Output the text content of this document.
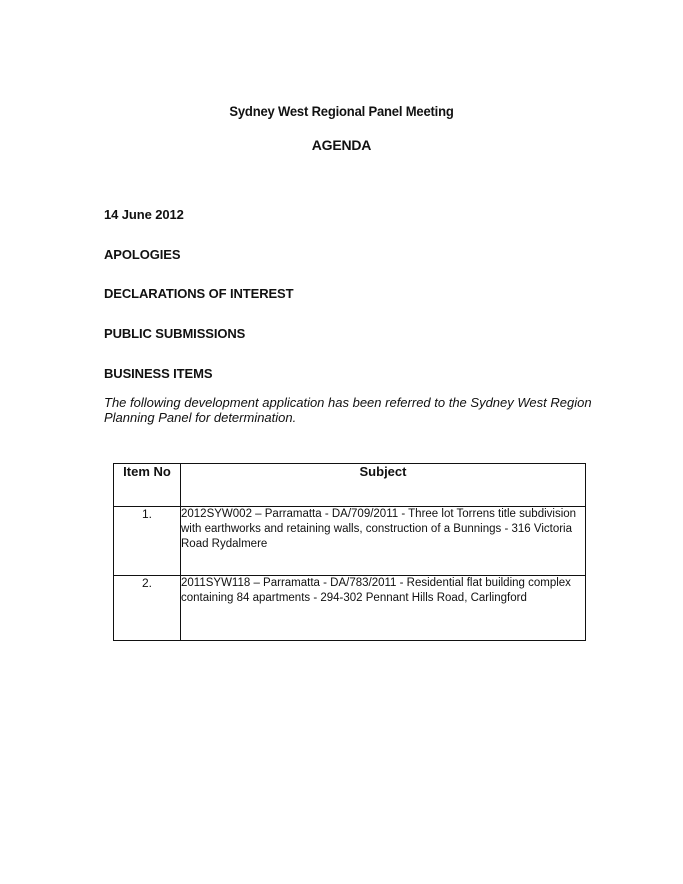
Sydney West Regional Panel Meeting
AGENDA
14 June 2012
APOLOGIES
DECLARATIONS OF INTEREST
PUBLIC SUBMISSIONS
BUSINESS ITEMS
The following development application has been referred to the Sydney West Region Planning Panel for determination.
Item No	Subject
1.	2012SYW002 – Parramatta - DA/709/2011 - Three lot Torrens title subdivision with earthworks and retaining walls, construction of a Bunnings - 316 Victoria Road Rydalmere
2.	2011SYW118 – Parramatta - DA/783/2011 - Residential flat building complex containing 84 apartments - 294-302 Pennant Hills Road, Carlingford
